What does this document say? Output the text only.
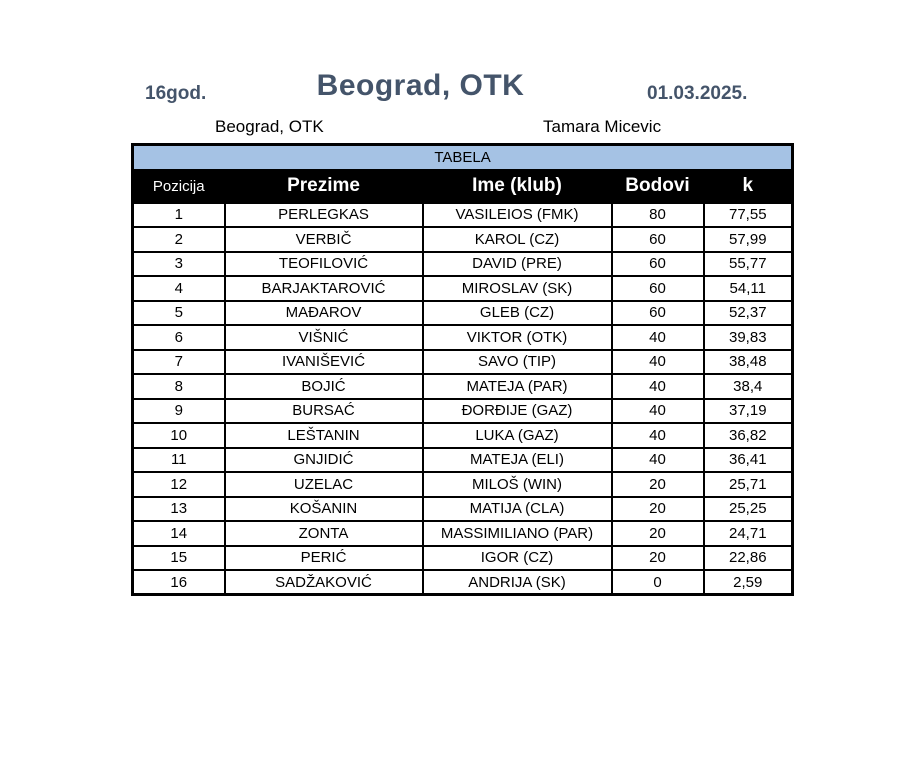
16god.	Beograd, OTK	01.03.2025.
Beograd, OTK	Tamara Micevic
TABELA				
Pozicija	Prezime	Ime (klub)	Bodovi	k
1	PERLEGKAS	VASILEIOS (FMK)	80	77,55
2	VERBIČ	KAROL (CZ)	60	57,99
3	TEOFILOVIĆ	DAVID (PRE)	60	55,77
4	BARJAKTAROVIĆ	MIROSLAV (SK)	60	54,11
5	MAĐAROV	GLEB (CZ)	60	52,37
6	VIŠNIĆ	VIKTOR (OTK)	40	39,83
7	IVANIŠEVIĆ	SAVO (TIP)	40	38,48
8	BOJIĆ	MATEJA (PAR)	40	38,4
9	BURSAĆ	ĐORĐIJE (GAZ)	40	37,19
10	LEŠTANIN	LUKA (GAZ)	40	36,82
11	GNJIDIĆ	MATEJA (ELI)	40	36,41
12	UZELAC	MILOŠ (WIN)	20	25,71
13	KOŠANIN	MATIJA (CLA)	20	25,25
14	ZONTA	MASSIMILIANO (PAR)	20	24,71
15	PERIĆ	IGOR (CZ)	20	22,86
16	SADŽAKOVIĆ	ANDRIJA (SK)	0	2,59
